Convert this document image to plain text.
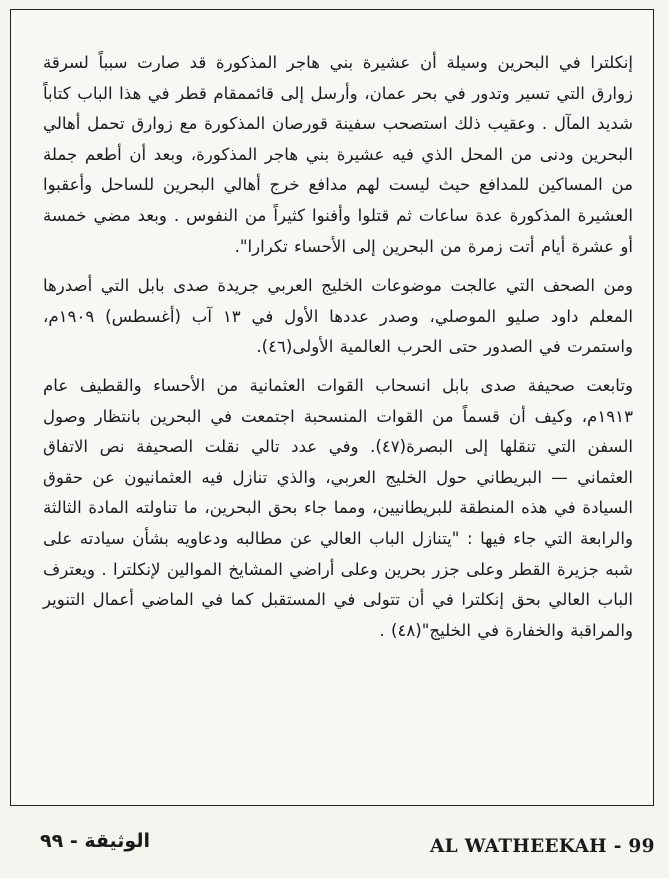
إنكلترا في البحرين وسيلة أن عشيرة بني هاجر المذكورة قد صارت سبباً لسرقة زوارق التي تسير وتدور في بحر عمان، وأرسل إلى قائممقام قطر في هذا الباب كتاباً شديد المآل . وعقيب ذلك استصحب سفينة قورصان المذكورة مع زوارق تحمل أهالي البحرين ودنى من المحل الذي فيه عشيرة بني هاجر المذكورة، وبعد أن أطعم جملة من المساكين للمدافع حيث ليست لهم مدافع خرج أهالي البحرين للساحل وأعقبوا العشيرة المذكورة عدة ساعات ثم قتلوا وأفنوا كثيراً من النفوس . وبعد مضي خمسة أو عشرة أيام أتت زمرة من البحرين إلى الأحساء تكرارا".

ومن الصحف التي عالجت موضوعات الخليج العربي جريدة صدى بابل التي أصدرها المعلم داود صليو الموصلي، وصدر عددها الأول في ١٣ آب (أغسطس) ١٩٠٩م، واستمرت في الصدور حتى الحرب العالمية الأولى(٤٦).

وتابعت صحيفة صدى بابل انسحاب القوات العثمانية من الأحساء والقطيف عام ١٩١٣م، وكيف أن قسماً من القوات المنسحبة اجتمعت في البحرين بانتظار وصول السفن التي تنقلها إلى البصرة(٤٧). وفي عدد تالي نقلت الصحيفة نص الاتفاق العثماني — البريطاني حول الخليج العربي، والذي تنازل فيه العثمانيون عن حقوق السيادة في هذه المنطقة للبريطانيين، ومما جاء بحق البحرين، ما تناولته المادة الثالثة والرابعة التي جاء فيها : "يتنازل الباب العالي عن مطالبه ودعاويه بشأن سيادته على شبه جزيرة القطر وعلى جزر بحرين وعلى أراضي المشايخ الموالين لإنكلترا . ويعترف الباب العالي بحق إنكلترا في أن تتولى في المستقبل كما في الماضي أعمال التنوير والمراقبة والخفارة في الخليج"(٤٨) .

الوثيقة - ٩٩	AL WATHEEKAH - 99
